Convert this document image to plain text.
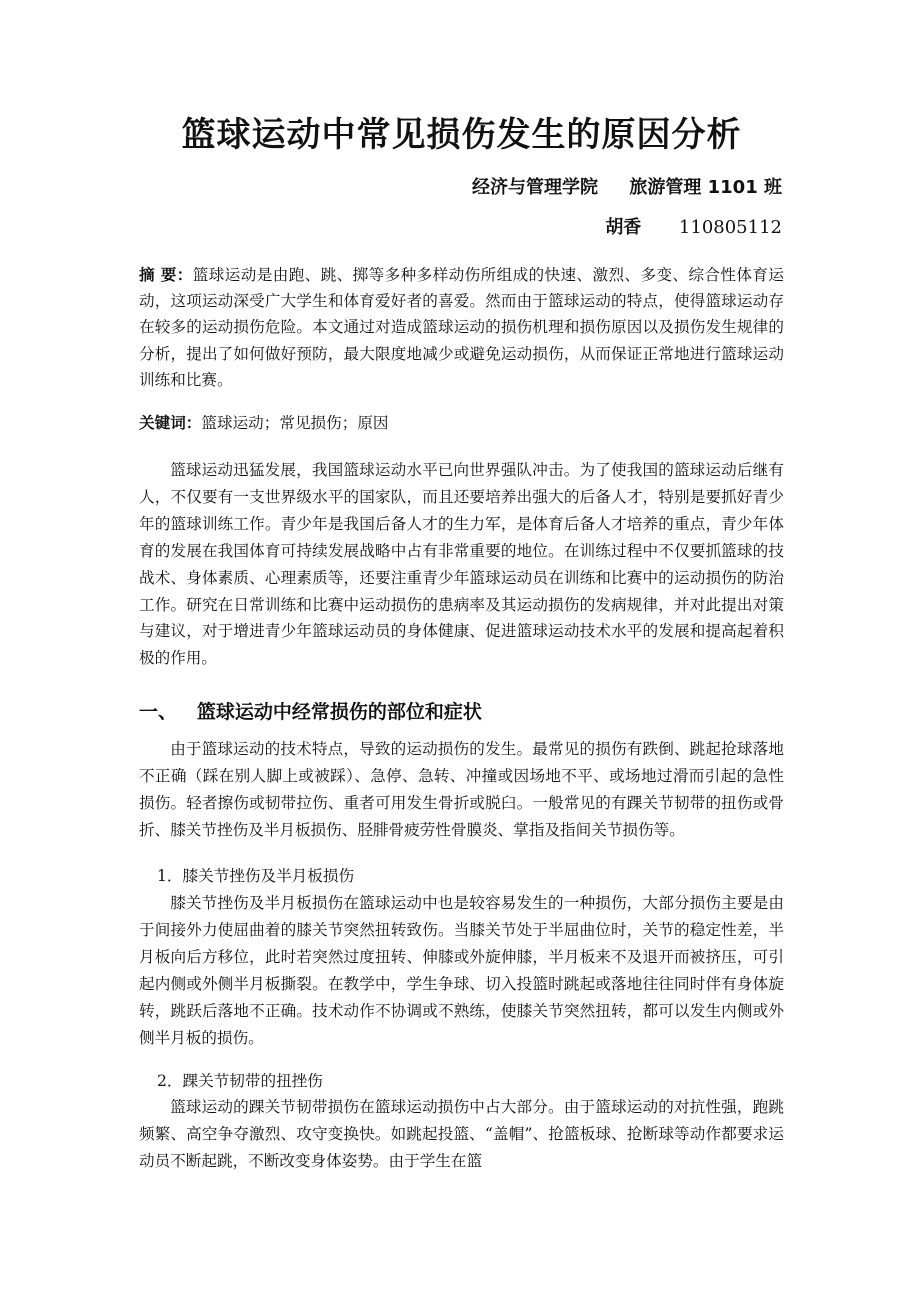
篮球运动中常见损伤发生的原因分析
经济与管理学院     旅游管理 1101 班
胡香 110805112

摘 要：篮球运动是由跑、跳、掷等多种多样动伤所组成的快速、激烈、多变、综合性体育运动，这项运动深受广大学生和体育爱好者的喜爱。然而由于篮球运动的特点，使得篮球运动存在较多的运动损伤危险。本文通过对造成篮球运动的损伤机理和损伤原因以及损伤发生规律的分析，提出了如何做好预防，最大限度地减少或避免运动损伤，从而保证正常地进行篮球运动训练和比赛。

关键词：篮球运动；常见损伤；原因

篮球运动迅猛发展，我国篮球运动水平已向世界强队冲击。为了使我国的篮球运动后继有人，不仅要有一支世界级水平的国家队，而且还要培养出强大的后备人才，特别是要抓好青少年的篮球训练工作。青少年是我国后备人才的生力军，是体育后备人才培养的重点，青少年体育的发展在我国体育可持续发展战略中占有非常重要的地位。在训练过程中不仅要抓篮球的技战术、身体素质、心理素质等，还要注重青少年篮球运动员在训练和比赛中的运动损伤的防治工作。研究在日常训练和比赛中运动损伤的患病率及其运动损伤的发病规律，并对此提出对策与建议，对于增进青少年篮球运动员的身体健康、促进篮球运动技术水平的发展和提高起着积极的作用。

一、   篮球运动中经常损伤的部位和症状

由于篮球运动的技术特点，导致的运动损伤的发生。最常见的损伤有跌倒、跳起抢球落地不正确（踩在别人脚上或被踩）、急停、急转、冲撞或因场地不平、或场地过滑而引起的急性损伤。轻者擦伤或韧带拉伤、重者可用发生骨折或脱臼。一般常见的有踝关节韧带的扭伤或骨折、膝关节挫伤及半月板损伤、胫腓骨疲劳性骨膜炎、掌指及指间关节损伤等。

1．膝关节挫伤及半月板损伤

膝关节挫伤及半月板损伤在篮球运动中也是较容易发生的一种损伤，大部分损伤主要是由于间接外力使屈曲着的膝关节突然扭转致伤。当膝关节处于半屈曲位时，关节的稳定性差，半月板向后方移位，此时若突然过度扭转、伸膝或外旋伸膝，半月板来不及退开而被挤压，可引起内侧或外侧半月板撕裂。在教学中，学生争球、切入投篮时跳起或落地往往同时伴有身体旋转，跳跃后落地不正确。技术动作不协调或不熟练，使膝关节突然扭转，都可以发生内侧或外侧半月板的损伤。

2．踝关节韧带的扭挫伤

篮球运动的踝关节韧带损伤在篮球运动损伤中占大部分。由于篮球运动的对抗性强，跑跳频繁、高空争夺激烈、攻守变换快。如跳起投篮、“盖帽”、抢篮板球、抢断球等动作都要求运动员不断起跳，不断改变身体姿势。由于学生在篮
